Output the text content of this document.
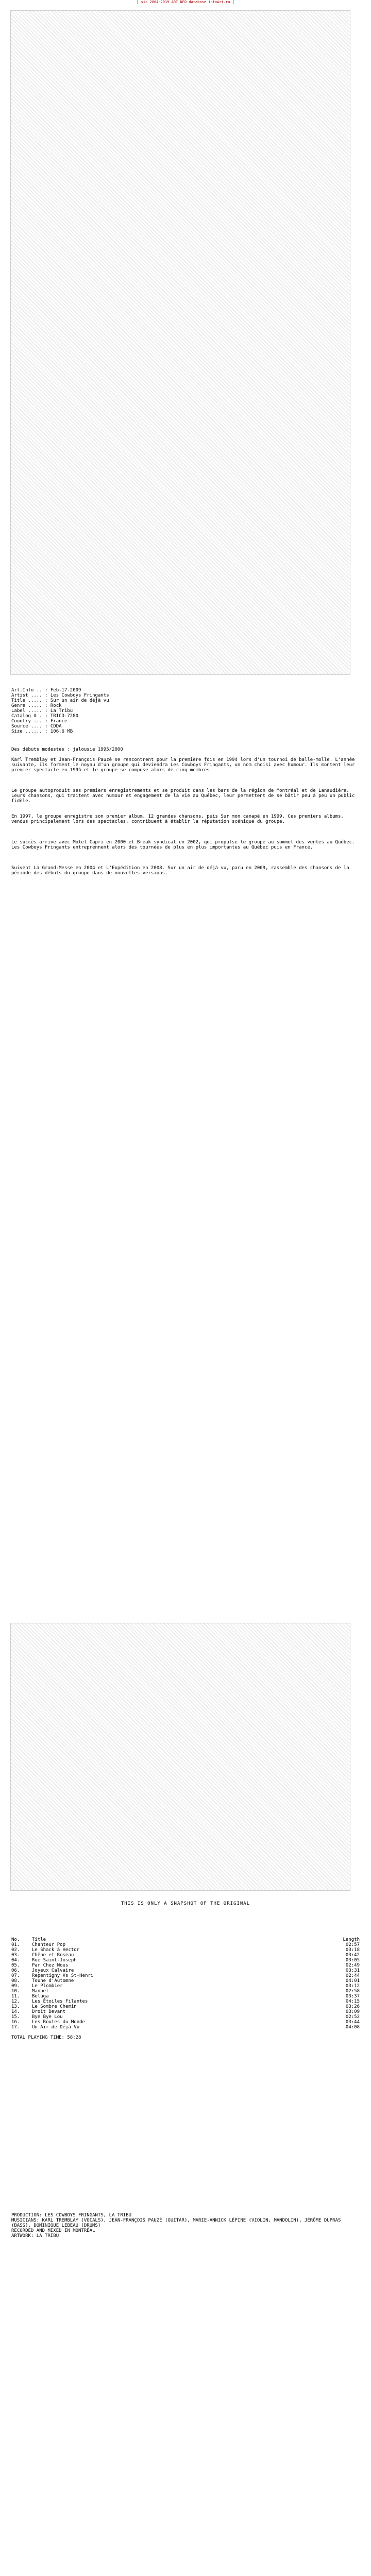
[ sic 2004-2019 ART NFO database infoArt.ru ]
Art.Info .. : Feb-17-2009
Artist .... : Les Cowboys Fringants
Title ..... : Sur un air de déjà vu
Genre ..... : Rock
Label ..... : La Tribu
Catalog # . : TRICD-7280
Country ... : France
Source .... : CDDA
Size ...... : 106,6 MB
Des débuts modestes : jalousie 1995/2000
Karl Tremblay et Jean-François Pauzé se rencontrent pour la première fois en 1994 lors d'un tournoi de balle-molle. L'année suivante, ils forment le noyau d'un groupe qui deviendra Les Cowboys Fringants, un nom choisi avec humour. Ils montent leur premier spectacle en 1995 et le groupe se compose alors de cinq membres.
Le groupe autoproduit ses premiers enregistrements et se produit dans les bars de la région de Montréal et de Lanaudière. Leurs chansons, qui traitent avec humour et engagement de la vie au Québec, leur permettent de se bâtir peu à peu un public fidèle.
En 1997, le groupe enregistre son premier album, 12 grandes chansons, puis Sur mon canapé en 1999. Ces premiers albums, vendus principalement lors des spectacles, contribuent à établir la réputation scénique du groupe.
Le succès arrive avec Motel Capri en 2000 et Break syndical en 2002, qui propulse le groupe au sommet des ventes au Québec. Les Cowboys Fringants entreprennent alors des tournées de plus en plus importantes au Québec puis en France.
Suivent La Grand-Messe en 2004 et L'Expédition en 2008. Sur un air de déjà vu, paru en 2009, rassemble des chansons de la période des débuts du groupe dans de nouvelles versions.
THIS IS ONLY A SNAPSHOT OF THE ORIGINAL
No.	Title	Length
01.	Chanteur Pop	02:57
02.	Le Shack à Hector	03:18
03.	Chêne et Roseau	03:42
04.	Rue Saint-Joseph	03:05
05.	Par Chez Nous	02:49
06.	Joyeux Calvaire	03:31
07.	Repentigny Vs St-Henri	02:44
08.	Toune d'Automne	04:01
09.	Le Plombier	03:12
10.	Manuel	02:58
11.	Beluga	03:37
12.	Les Étoiles Filantes	04:15
13.	Le Sombre Chemin	03:26
14.	Droit Devant	03:09
15.	Bye Bye Lou	02:52
16.	Les Routes du Monde	03:44
17.	Un Air de Déjà Vu	04:08
TOTAL PLAYING TIME: 58:28
PRODUCTION: LES COWBOYS FRINGANTS, LA TRIBU
MUSICIANS: KARL TREMBLAY (VOCALS), JEAN-FRANÇOIS PAUZÉ (GUITAR), MARIE-ANNICK LÉPINE (VIOLIN, MANDOLIN), JÉRÔME DUPRAS (BASS), DOMINIQUE LEBEAU (DRUMS)
RECORDED AND MIXED IN MONTRÉAL
ARTWORK: LA TRIBU
